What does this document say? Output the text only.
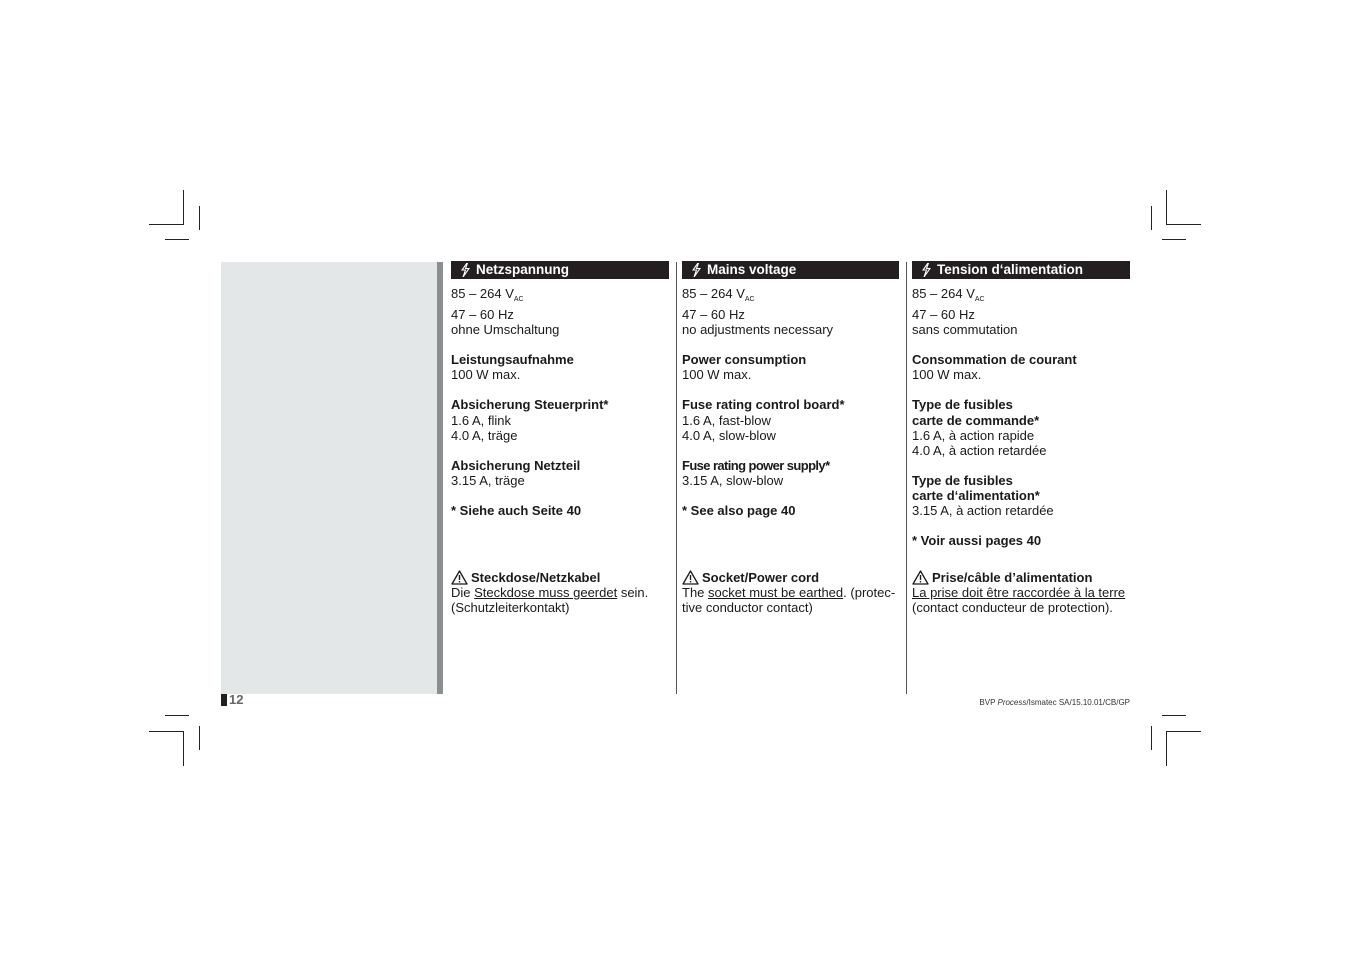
Netzspannung
85 – 264 $V_{AC}$
47 – 60 Hz
ohne Umschaltung
Leistungsaufnahme
100 W max.
Absicherung Steuerprint*
1.6 A, flink
4.0 A, träge
Absicherung Netzteil
3.15 A, träge
* Siehe auch Seite 40
Steckdose/Netzkabel
Die Steckdose muss geerdet sein.
(Schutzleiterkontakt)
Mains voltage
85 – 264 $V_{AC}$
47 – 60 Hz
no adjustments necessary
Power consumption
100 W max.
Fuse rating control board*
1.6 A, fast-blow
4.0 A, slow-blow
Fuse rating power supply*
3.15 A, slow-blow
* See also page 40
Socket/Power cord
The socket must be earthed. (protec-
tive conductor contact)
Tension d‘alimentation
85 – 264 $V_{AC}$
47 – 60 Hz
sans commutation
Consommation de courant
100 W max.
Type de fusibles
carte de commande*
1.6 A, à action rapide
4.0 A, à action retardée
Type de fusibles
carte d‘alimentation*
3.15 A, à action retardée
* Voir aussi pages 40
Prise/câble d’alimentation
La prise doit être raccordée à la terre
(contact conducteur de protection).
12	BVP Process/Ismatec SA/15.10.01/CB/GP
